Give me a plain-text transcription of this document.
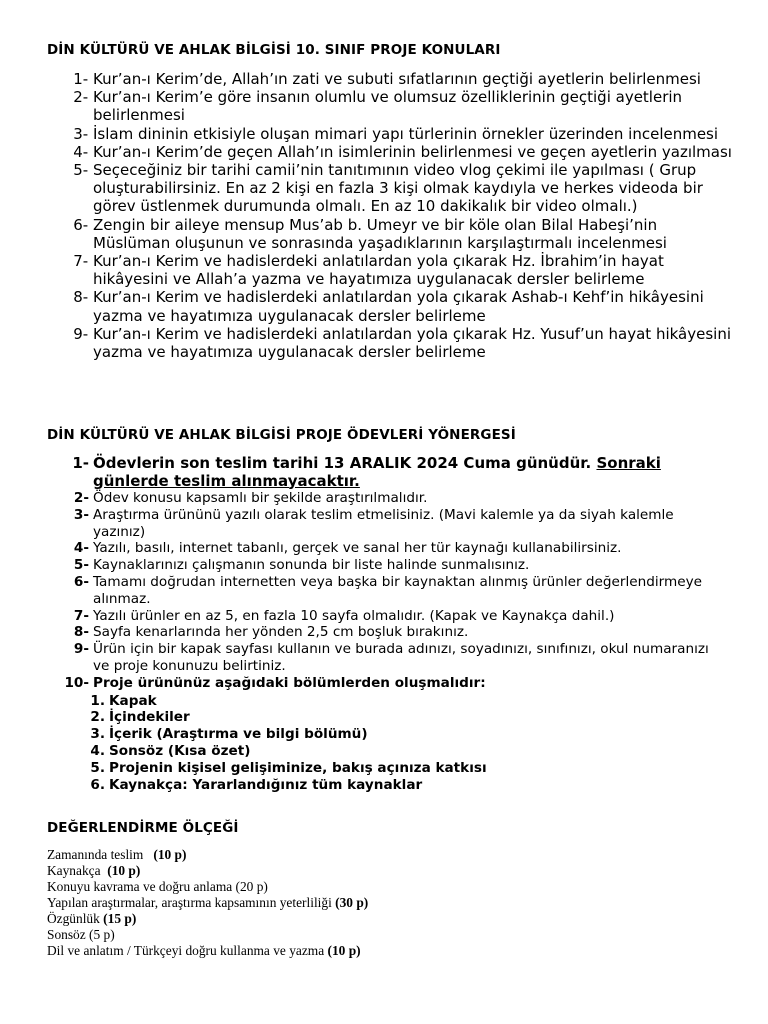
DİN KÜLTÜRÜ VE AHLAK BİLGİSİ 10. SINIF PROJE KONULARI
1- Kur’an-ı Kerim’de, Allah’ın zati ve subuti sıfatlarının geçtiği ayetlerin belirlenmesi
2- Kur’an-ı Kerim’e göre insanın olumlu ve olumsuz özelliklerinin geçtiği ayetlerin belirlenmesi
3- İslam dininin etkisiyle oluşan mimari yapı türlerinin örnekler üzerinden incelenmesi
4- Kur’an-ı Kerim’de geçen Allah’ın isimlerinin belirlenmesi ve geçen ayetlerin yazılması
5- Seçeceğiniz bir tarihi camii’nin tanıtımının video vlog çekimi ile yapılması ( Grup oluşturabilirsiniz. En az 2 kişi en fazla 3 kişi olmak kaydıyla ve herkes videoda bir görev üstlenmek durumunda olmalı. En az 10 dakikalık bir video olmalı.)
6- Zengin bir aileye mensup Mus’ab b. Umeyr ve bir köle olan Bilal Habeşi’nin Müslüman oluşunun ve sonrasında yaşadıklarının karşılaştırmalı incelenmesi
7- Kur’an-ı Kerim ve hadislerdeki anlatılardan yola çıkarak Hz. İbrahim’in hayat hikâyesini ve Allah’a yazma ve hayatımıza uygulanacak dersler belirleme
8- Kur’an-ı Kerim ve hadislerdeki anlatılardan yola çıkarak Ashab-ı Kehf’in hikâyesini yazma ve hayatımıza uygulanacak dersler belirleme
9- Kur’an-ı Kerim ve hadislerdeki anlatılardan yola çıkarak Hz. Yusuf’un hayat hikâyesini yazma ve hayatımıza uygulanacak dersler belirleme
DİN KÜLTÜRÜ VE AHLAK BİLGİSİ PROJE ÖDEVLERİ YÖNERGESİ
1- Ödevlerin son teslim tarihi 13 ARALIK 2024 Cuma günüdür. Sonraki günlerde teslim alınmayacaktır.
2- Ödev konusu kapsamlı bir şekilde araştırılmalıdır.
3- Araştırma ürününü yazılı olarak teslim etmelisiniz. (Mavi kalemle ya da siyah kalemle yazınız)
4- Yazılı, basılı, internet tabanlı, gerçek ve sanal her tür kaynağı kullanabilirsiniz.
5- Kaynaklarınızı çalışmanın sonunda bir liste halinde sunmalısınız.
6- Tamamı doğrudan internetten veya başka bir kaynaktan alınmış ürünler değerlendirmeye alınmaz.
7- Yazılı ürünler en az 5, en fazla 10 sayfa olmalıdır. (Kapak ve Kaynakça dahil.)
8- Sayfa kenarlarında her yönden 2,5 cm boşluk bırakınız.
9- Ürün için bir kapak sayfası kullanın ve burada adınızı, soyadınızı, sınıfınızı, okul numaranızı ve proje konunuzu belirtiniz.
10- Proje ürününüz aşağıdaki bölümlerden oluşmalıdır:
1. Kapak
2. İçindekiler
3. İçerik (Araştırma ve bilgi bölümü)
4. Sonsöz (Kısa özet)
5. Projenin kişisel gelişiminize, bakış açınıza katkısı
6. Kaynakça: Yararlandığınız tüm kaynaklar
DEĞERLENDİRME ÖLÇEĞİ
Zamanında teslim   (10 p)
Kaynakça  (10 p)
Konuyu kavrama ve doğru anlama (20 p)
Yapılan araştırmalar, araştırma kapsamının yeterliliği (30 p)
Özgünlük (15 p)
Sonsöz (5 p)
Dil ve anlatım / Türkçeyi doğru kullanma ve yazma (10 p)
